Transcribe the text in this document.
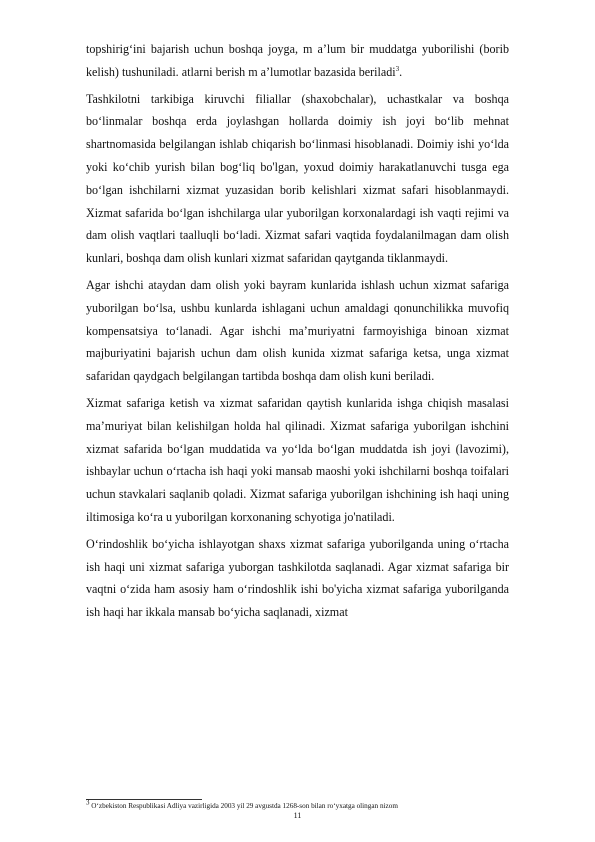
topshirig‘ini bajarish uchun boshqa joyga, m a’lum bir muddatga yuborilishi (borib kelish) tushuniladi. atlarni berish m a’lumotlar bazasida beriladi$^3$.

Tashkilotni tarkibiga kiruvchi filiallar (shaxobchalar), uchastkalar va boshqa bo‘linmalar boshqa erda joylashgan hollarda doimiy ish joyi bo‘lib mehnat shartnomasida belgilangan ishlab chiqarish bo‘linmasi hisoblanadi. Doimiy ishi yo‘lda yoki ko‘chib yurish bilan bog‘liq bo'lgan, yoxud doimiy harakatlanuvchi tusga ega bo‘lgan ishchilarni xizmat yuzasidan borib kelishlari xizmat safari hisoblanmaydi. Xizmat safarida bo‘lgan ishchilarga ular yuborilgan korxonalardagi ish vaqti rejimi va dam olish vaqtlari taalluqli bo‘ladi. Xizmat safari vaqtida foydalanilmagan dam olish kunlari, boshqa dam olish kunlari xizmat safaridan qaytganda tiklanmaydi.

Agar ishchi ataydan dam olish yoki bayram kunlarida ishlash uchun xizmat safariga yuborilgan bo‘lsa, ushbu kunlarda ishlagani uchun amaldagi qonunchilikka muvofiq kompensatsiya to‘lanadi. Agar ishchi ma’muriyatni farmoyishiga binoan xizmat majburiyatini bajarish uchun dam olish kunida xizmat safariga ketsa, unga xizmat safaridan qaydgach belgilangan tartibda boshqa dam olish kuni beriladi.

Xizmat safariga ketish va xizmat safaridan qaytish kunlarida ishga chiqish masalasi ma’muriyat bilan kelishilgan holda hal qilinadi. Xizmat safariga yuborilgan ishchini xizmat safarida bo‘lgan muddatida va yo‘lda bo‘lgan muddatda ish joyi (lavozimi), ishbaylar uchun o‘rtacha ish haqi yoki mansab maoshi yoki ishchilarni boshqa toifalari uchun stavkalari saqlanib qoladi. Xizmat safariga yuborilgan ishchining ish haqi uning iltimosiga ko‘ra u yuborilgan korxonaning schyotiga jo'natiladi.

O‘rindoshlik bo‘yicha ishlayotgan shaxs xizmat safariga yuborilganda uning o‘rtacha ish haqi uni xizmat safariga yuborgan tashkilotda saqlanadi. Agar xizmat safariga bir vaqtni o‘zida ham asosiy ham o‘rindoshlik ishi bo'yicha xizmat safariga yuborilganda ish haqi har ikkala mansab bo‘yicha saqlanadi, xizmat

$^3$ O‘zbekiston Respublikasi Adliya vazirligida 2003 yil 29 avgustda 1268-son bilan ro‘yxatga olingan nizom
11
